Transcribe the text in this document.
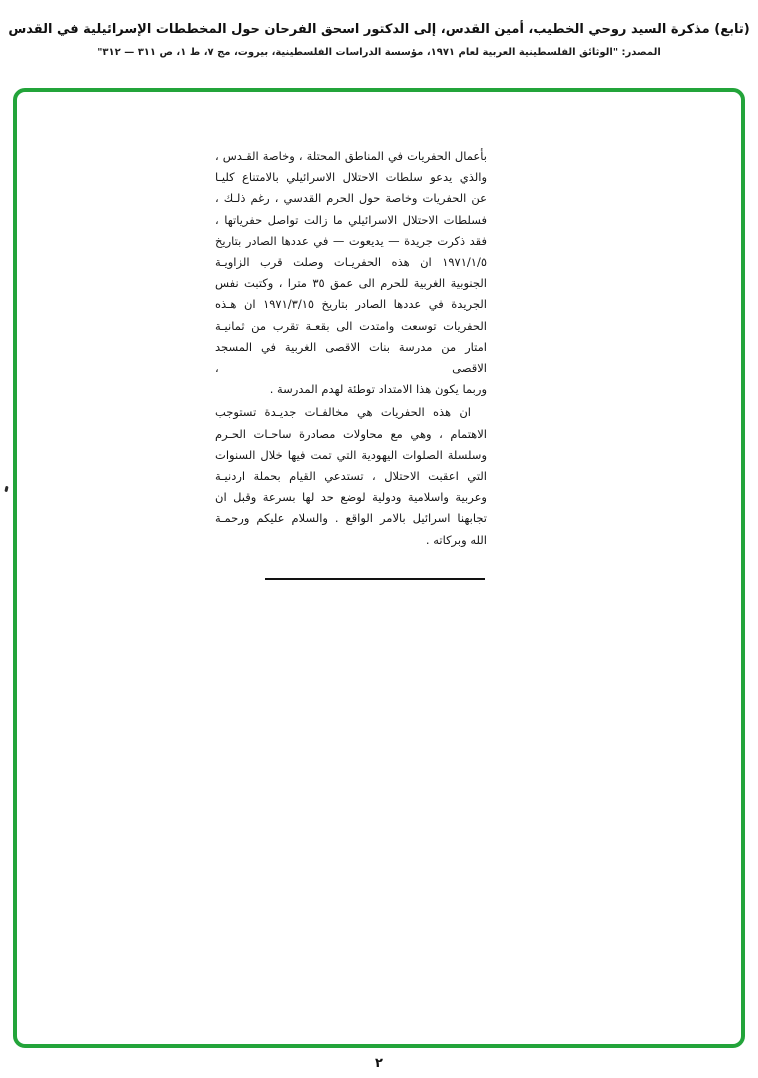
(تابع) مذكرة السيد روحي الخطيب، أمين القدس، إلى الدكتور اسحق الفرحان حول المخططات الإسرائيلية في القدس
المصدر: "الوثائق الفلسطينية العربية لعام ١٩٧١، مؤسسة الدراسات الفلسطينية، بيروت، مج ٧، ط ١، ص ٣١١ — ٣١٢"
بأعمال الحفريات في المناطق المحتلة ، وخاصة القـدس ،
والذي يدعو سلطات الاحتلال الاسرائيلي بالامتناع كليـا
عن الحفريات وخاصة حول الحرم القدسي ، رغم ذلـك ،
فسلطات الاحتلال الاسرائيلي ما زالت تواصل حفرياتها ،
فقد ذكرت جريدة — يديعوت — في عددها الصادر بتاريخ
١٩٧١/١/٥ ان هذه الحفريـات وصلت قرب الزاويـة
الجنوبية الغربية للحرم الى عمق ٣٥ مترا ، وكتبت نفس
الجريدة في عددها الصادر بتاريخ ١٩٧١/٣/١٥ ان هـذه
الحفريات توسعت وامتدت الى بقعـة تقرب من ثمانيـة
امتار من مدرسة بنات الاقصى الغربية في المسجد الاقصى ،
وربما يكون هذا الامتداد توطئة لهدم المدرسة .
ان هذه الحفريات هي مخالفـات جديـدة تستوجب
الاهتمام ، وهي مع محاولات مصادرة ساحـات الحـرم
وسلسلة الصلوات اليهودية التي تمت فيها خلال السنوات
التي اعقبت الاحتلال ، تستدعي القيام بحملة اردنيـة
وعربية واسلامية ودولية لوضع حد لها بسرعة وقبل ان
تجابهنا اسرائيل بالامر الواقع . والسلام عليكم ورحمـة
الله وبركاته .
٢
